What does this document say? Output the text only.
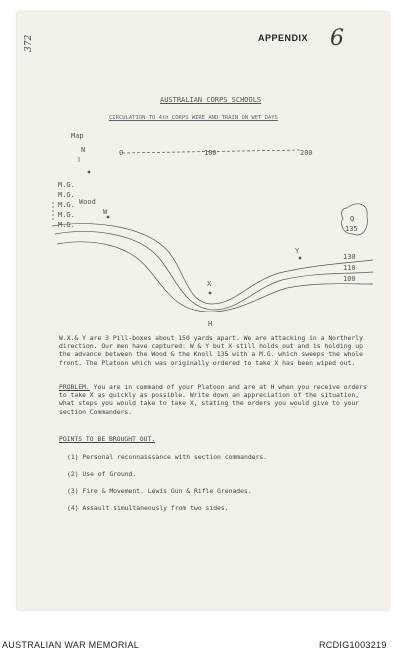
APPENDIX 6
372
AUSTRALIAN CORPS SCHOOLS
CIRCULATION TO 4th CORPS WIRE AND TRAIN ON WET DAYS
Map
N	0	100	200
M.G.
M.G.
M.G.
M.G.
M.G.
Wood
W
Y
X
H
Q
135
130
110
100
W.X.& Y are 3 Pill-boxes about 150 yards apart. We are attacking in a Northerly direction. Our men have captured: W & Y but X still holds out and is holding up the advance between the Wood & the Knoll 135 with a M.G. which sweeps the whole front. The Platoon which was originally ordered to take X has been wiped out.
PROBLEM. You are in command of your Platoon and are at H when you receive orders to take X as quickly as possible. Write down an appreciation of the situation, what steps you would take to take X, stating the orders you would give to your section Commanders.
POINTS TO BE BROUGHT OUT.
(1) Personal reconnaissance with section commanders.
(2) Use of Ground.
(3) Fire & Movement. Lewis Gun & Rifle Grenades.
(4) Assault simultaneously from two sides.
AUSTRALIAN WAR MEMORIAL	RCDIG1003219
